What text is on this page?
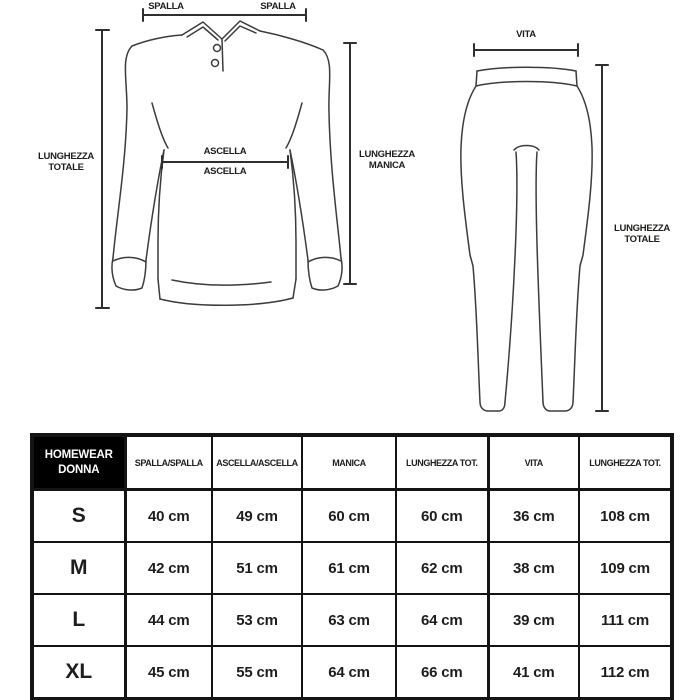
SPALLA	SPALLA
LUNGHEZZA TOTALE
ASCELLA
ASCELLA
LUNGHEZZA MANICA
VITA
LUNGHEZZA TOTALE
HOMEWEAR DONNA	SPALLA/SPALLA	ASCELLA/ASCELLA	MANICA	LUNGHEZZA TOT.	VITA	LUNGHEZZA TOT.
S	40 cm	49 cm	60 cm	60 cm	36 cm	108 cm
M	42 cm	51 cm	61 cm	62 cm	38 cm	109 cm
L	44 cm	53 cm	63 cm	64 cm	39 cm	111 cm
XL	45 cm	55 cm	64 cm	66 cm	41 cm	112 cm
